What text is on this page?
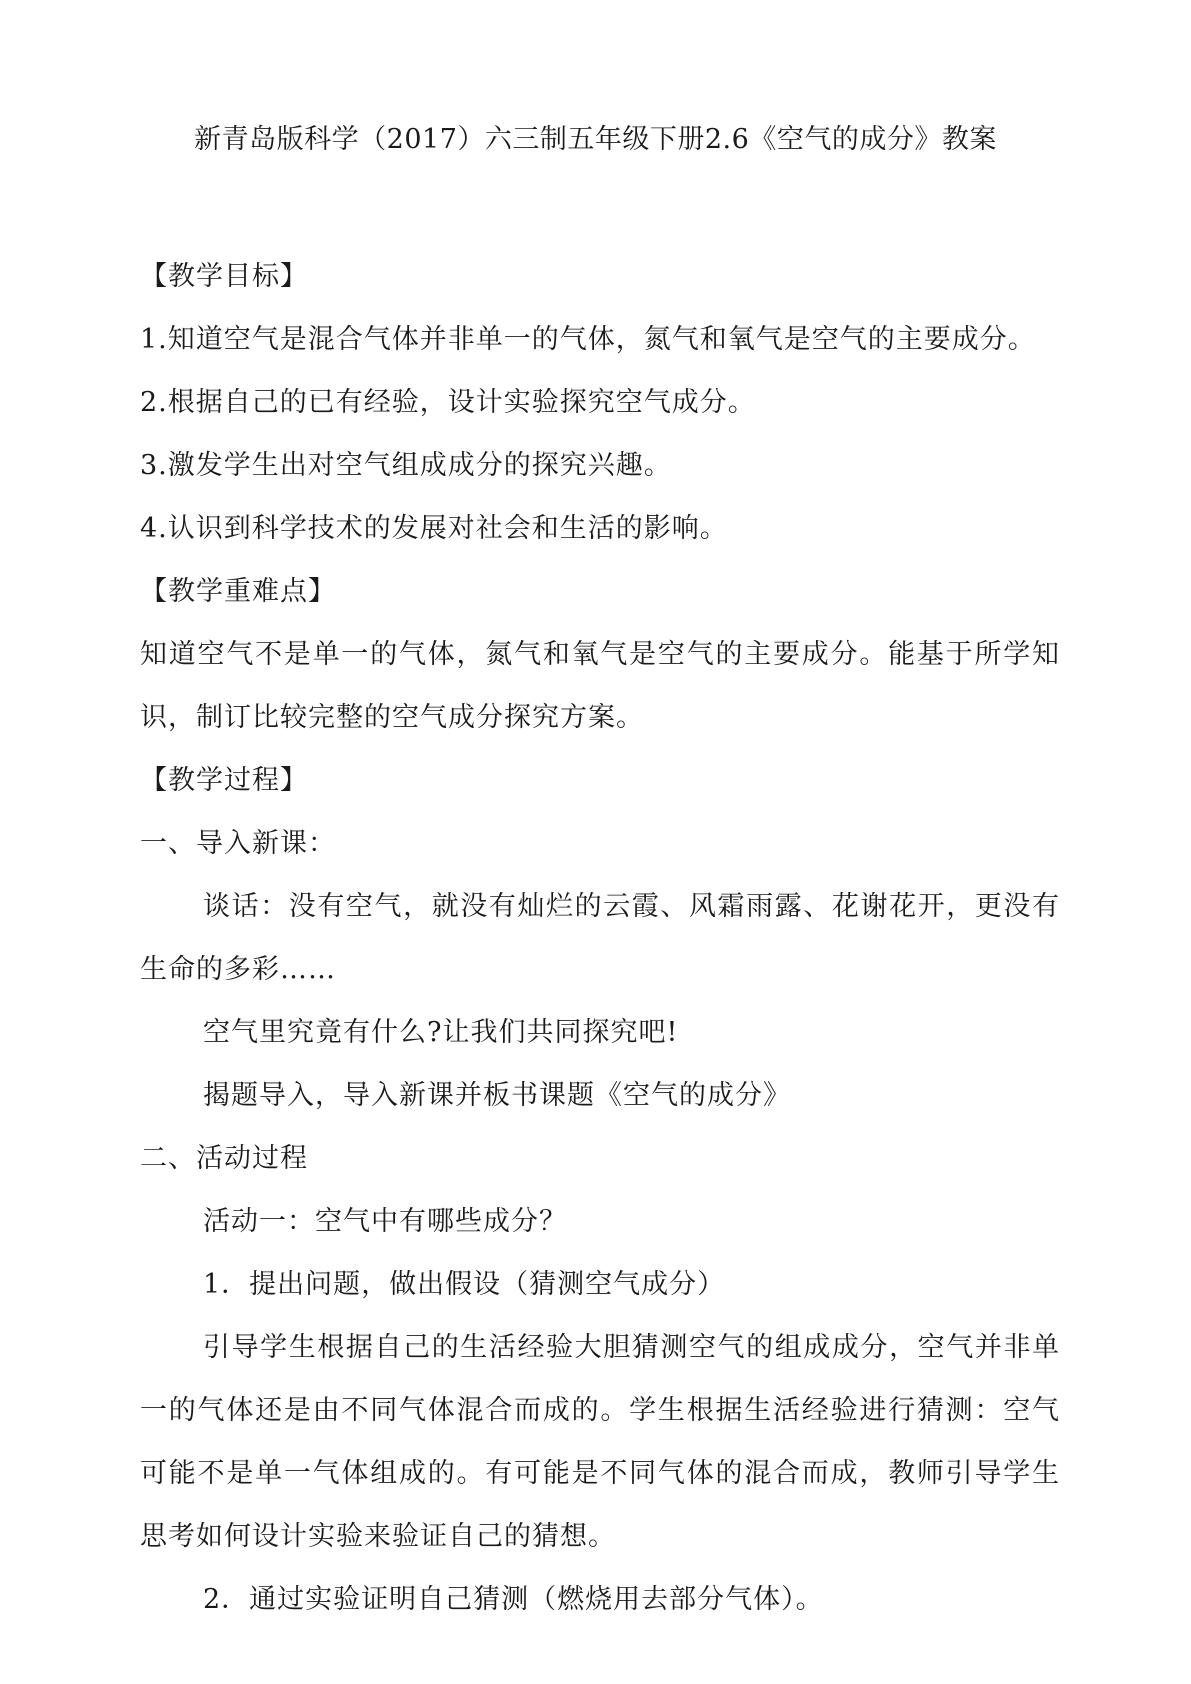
新青岛版科学（2017）六三制五年级下册2.6《空气的成分》教案
【教学目标】
1.知道空气是混合气体并非单一的气体，氮气和氧气是空气的主要成分。
2.根据自己的已有经验，设计实验探究空气成分。
3.激发学生出对空气组成成分的探究兴趣。
4.认识到科学技术的发展对社会和生活的影响。
【教学重难点】
知道空气不是单一的气体，氮气和氧气是空气的主要成分。能基于所学知识，制订比较完整的空气成分探究方案。
【教学过程】
一、导入新课：
谈话：没有空气，就没有灿烂的云霞、风霜雨露、花谢花开，更没有生命的多彩……
空气里究竟有什么?让我们共同探究吧!
揭题导入，导入新课并板书课题《空气的成分》
二、活动过程
活动一：空气中有哪些成分？
1．提出问题，做出假设（猜测空气成分）
引导学生根据自己的生活经验大胆猜测空气的组成成分，空气并非单一的气体还是由不同气体混合而成的。学生根据生活经验进行猜测：空气可能不是单一气体组成的。有可能是不同气体的混合而成，教师引导学生思考如何设计实验来验证自己的猜想。
2．通过实验证明自己猜测（燃烧用去部分气体）。
